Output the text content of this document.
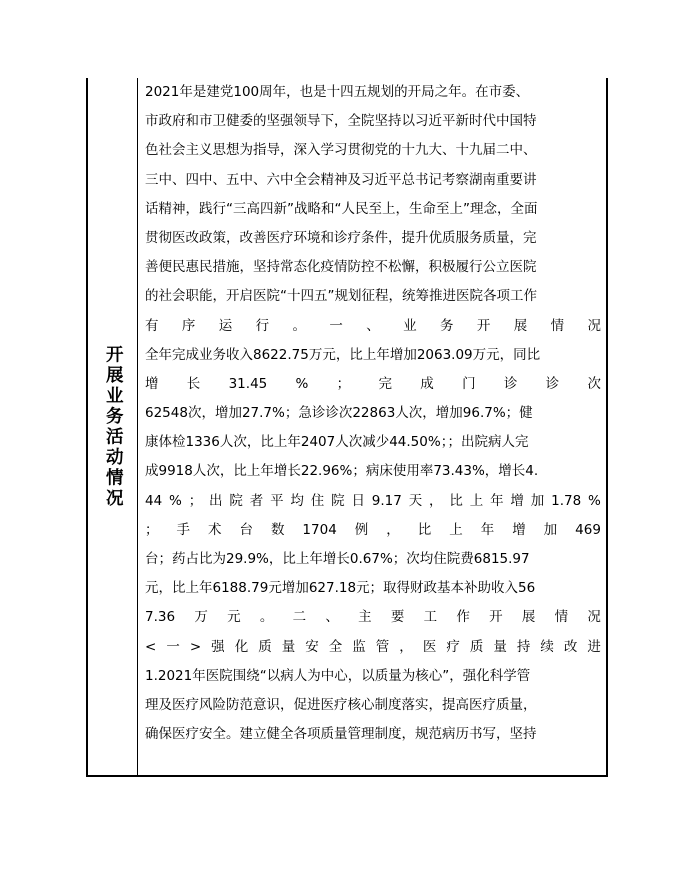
开展业务活动情况
2021年是建党100周年，也是十四五规划的开局之年。在市委、
市政府和市卫健委的坚强领导下，全院坚持以习近平新时代中国特
色社会主义思想为指导，深入学习贯彻党的十九大、十九届二中、
三中、四中、五中、六中全会精神及习近平总书记考察湖南重要讲
话精神，践行“三高四新”战略和“人民至上，生命至上”理念，全面
贯彻医改政策，改善医疗环境和诊疗条件，提升优质服务质量，完
善便民惠民措施，坚持常态化疫情防控不松懈，积极履行公立医院
的社会职能，开启医院“十四五”规划征程，统筹推进医院各项工作
有 序 运 行 。 一 、 业 务 开 展 情 况
全年完成业务收入8622.75万元，比上年增加2063.09万元，同比
增 长 31.45 % ； 完 成 门 诊 诊 次
62548次，增加27.7%；急诊诊次22863人次，增加96.7%；健
康体检1336人次，比上年2407人次减少44.50%；；出院病人完
成9918人次，比上年增长22.96%；病床使用率73.43%，增长4.
44 % ； 出 院 者 平 均 住 院 日 9.17 天 ， 比 上 年 增 加 1.78 %
； 手 术 台 数 1704 例 ， 比 上 年 增 加 469
台；药占比为29.9%，比上年增长0.67%；次均住院费6815.97
元，比上年6188.79元增加627.18元；取得财政基本补助收入56
7.36 万 元 。 二 、 主 要 工 作 开 展 情 况
< 一 > 强 化 质 量 安 全 监 管 ， 医 疗 质 量 持 续 改 进
1.2021年医院围绕“以病人为中心，以质量为核心”，强化科学管
理及医疗风险防范意识，促进医疗核心制度落实，提高医疗质量，
确保医疗安全。建立健全各项质量管理制度，规范病历书写，坚持
